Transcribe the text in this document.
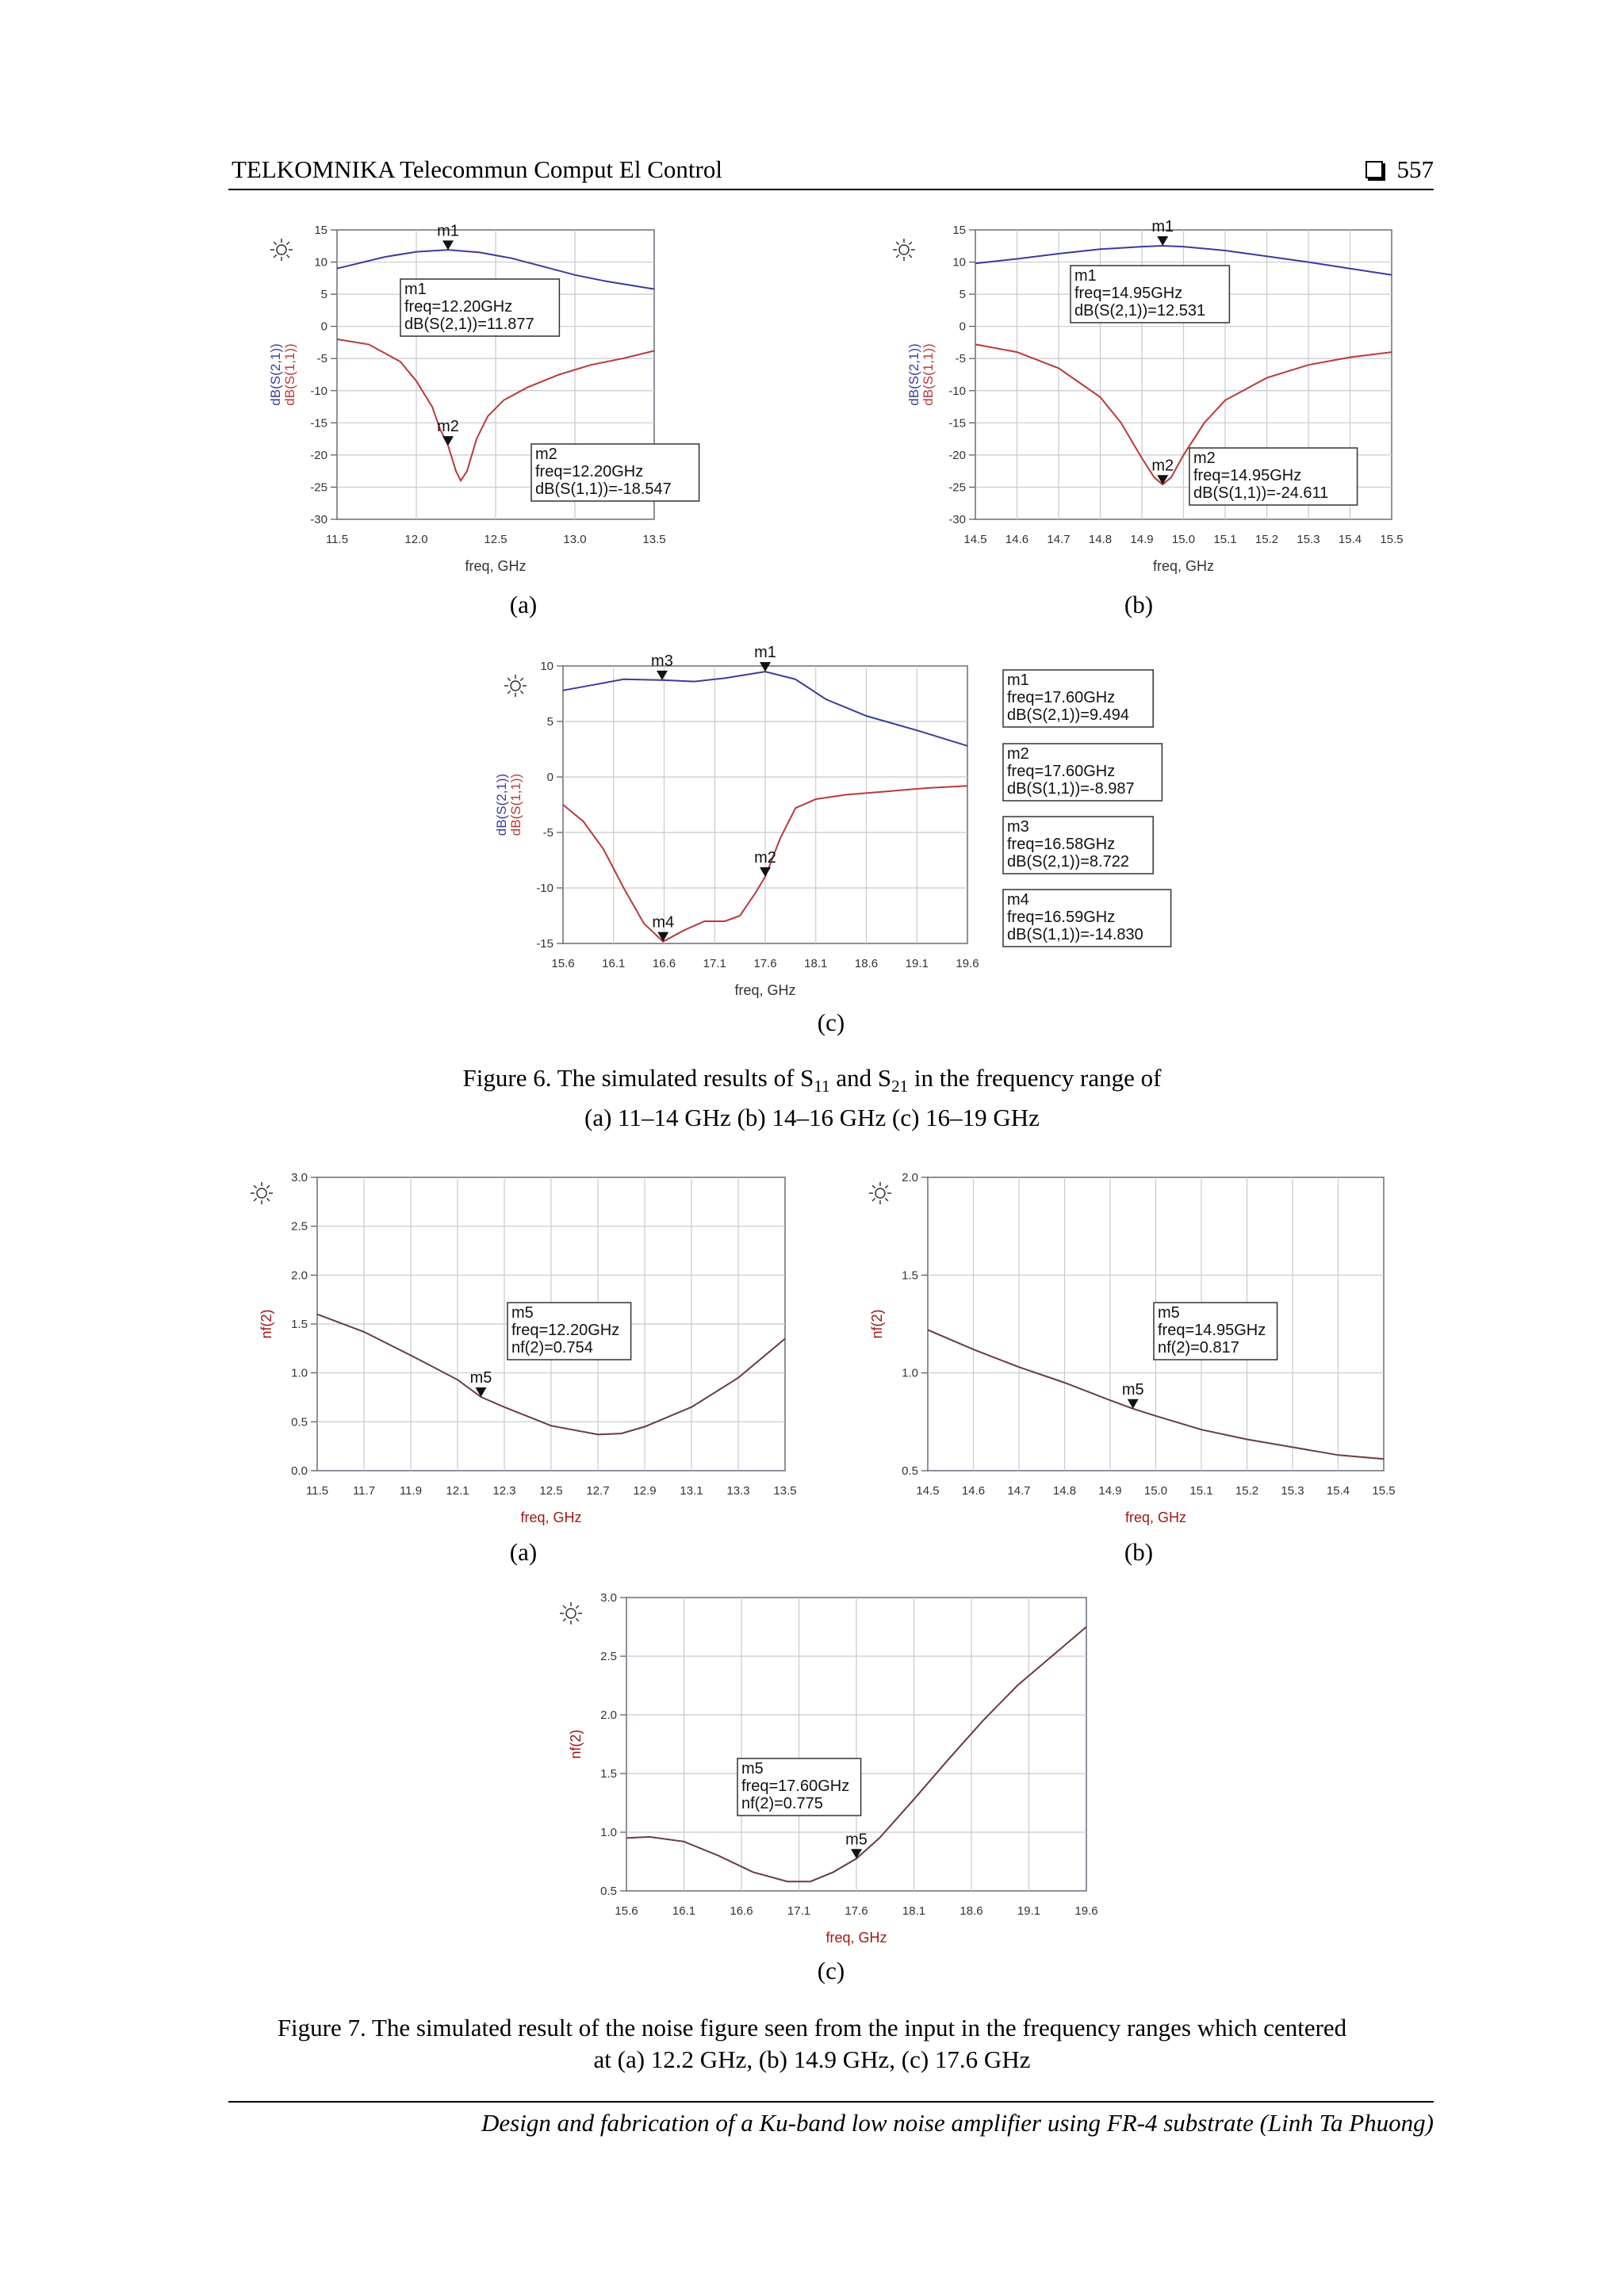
TELKOMNIKA Telecommun Comput El Control	557
11.5	12.0	12.5	13.0	13.5
15
10
5
0
-5
-10
-15
-20
-25
-30
freq, GHz
dB(S(2,1)) dB(S(1,1))
m1
m2
m1
freq=12.20GHz
dB(S(2,1))=11.877
m2
freq=12.20GHz
dB(S(1,1))=-18.547
(a)
14.5 14.6 14.7 14.8 14.9 15.0 15.1 15.2 15.3 15.4 15.5
15
10
5
0
-5
-10
-15
-20
-25
-30
freq, GHz
dB(S(2,1)) dB(S(1,1))
m1
m2
m1
freq=14.95GHz
dB(S(2,1))=12.531
m2
freq=14.95GHz
dB(S(1,1))=-24.611
(b)
15.6 16.1 16.6 17.1 17.6 18.1 18.6 19.1 19.6
10
5
0
-5
-10
-15
freq, GHz
dB(S(2,1)) dB(S(1,1))
m1
m3
m2
m4
m1
freq=17.60GHz
dB(S(2,1))=9.494
m2
freq=17.60GHz
dB(S(1,1))=-8.987
m3
freq=16.58GHz
dB(S(2,1))=8.722
m4
freq=16.59GHz
dB(S(1,1))=-14.830
(c)
Figure 6. The simulated results of $S_{11}$ and $S_{21}$ in the frequency range of
(a) 11–14 GHz (b) 14–16 GHz (c) 16–19 GHz
11.5 11.7 11.9 12.1 12.3 12.5 12.7 12.9 13.1 13.3 13.5
3.0
2.5
2.0
1.5
1.0
0.5
0.0
freq, GHz
nf(2)
m5
m5
freq=12.20GHz
nf(2)=0.754
(a)
14.5 14.6 14.7 14.8 14.9 15.0 15.1 15.2 15.3 15.4 15.5
2.0
1.5
1.0
0.5
freq, GHz
nf(2)
m5
m5
freq=14.95GHz
nf(2)=0.817
(b)
15.6	16.1	16.6	17.1	17.6	18.1	18.6	19.1	19.6
3.0
2.5
2.0
1.5
1.0
0.5
freq, GHz
nf(2)
m5
m5
freq=17.60GHz
nf(2)=0.775
(c)
Figure 7. The simulated result of the noise figure seen from the input in the frequency ranges which centered
at (a) 12.2 GHz, (b) 14.9 GHz, (c) 17.6 GHz
Design and fabrication of a Ku-band low noise amplifier using FR-4 substrate (Linh Ta Phuong)
